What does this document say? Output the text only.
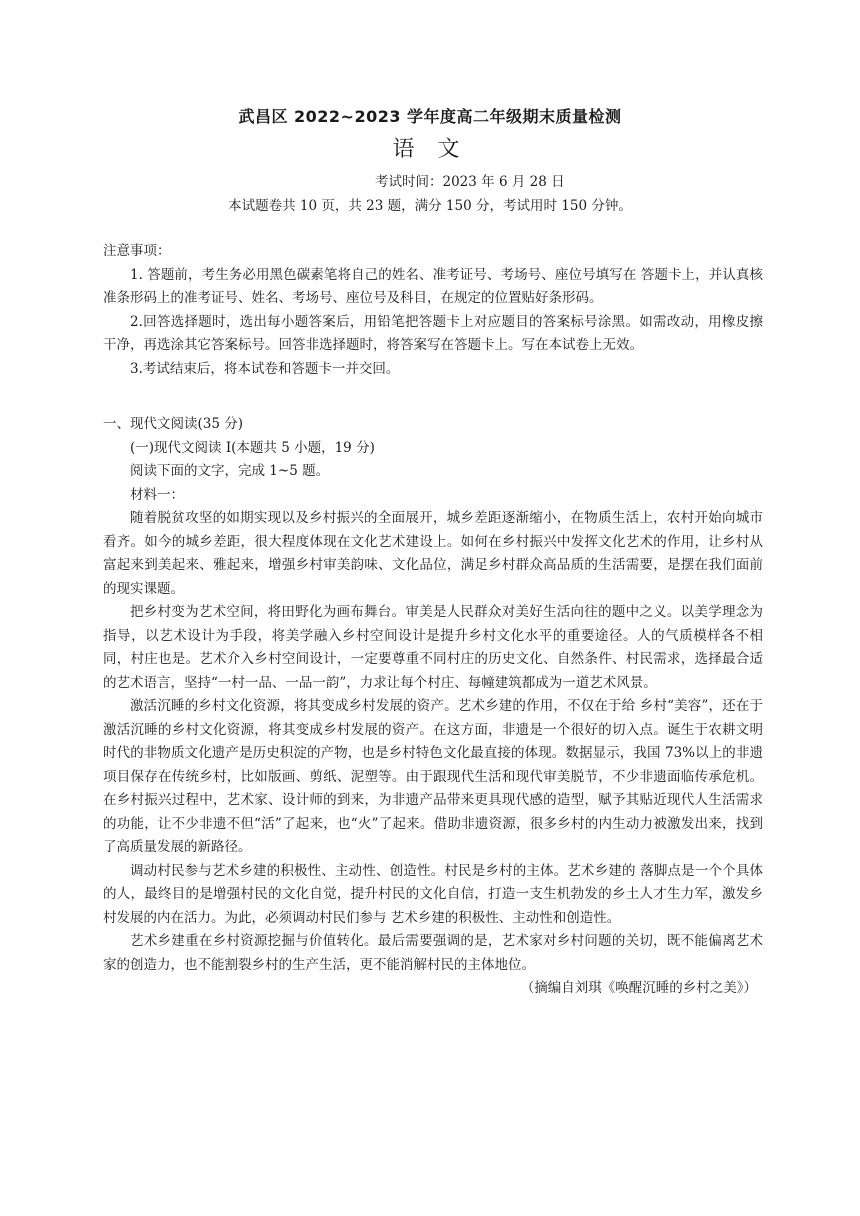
武昌区 2022~2023 学年度高二年级期末质量检测
语 文
考试时间：2023 年 6 月 28 日
本试题卷共 10 页，共 23 题，满分 150 分，考试用时 150 分钟。

注意事项：

1. 答题前，考生务必用黑色碳素笔将自己的姓名、准考证号、考场号、座位号填写在 答题卡上，并认真核准条形码上的准考证号、姓名、考场号、座位号及科目，在规定的位置贴好条形码。

2.回答选择题时，选出每小题答案后，用铅笔把答题卡上对应题目的答案标号涂黑。如需改动，用橡皮擦干净，再选涂其它答案标号。回答非选择题时，将答案写在答题卡上。写在本试卷上无效。

3.考试结束后，将本试卷和答题卡一并交回。

一、现代文阅读(35 分)

(一)现代文阅读 I(本题共 5 小题，19 分)

阅读下面的文字，完成 1~5 题。

材料一：

随着脱贫攻坚的如期实现以及乡村振兴的全面展开，城乡差距逐渐缩小，在物质生活上，农村开始向城市看齐。如今的城乡差距，很大程度体现在文化艺术建设上。如何在乡村振兴中发挥文化艺术的作用，让乡村从富起来到美起来、雅起来，增强乡村审美韵味、文化品位，满足乡村群众高品质的生活需要，是摆在我们面前的现实课题。

把乡村变为艺术空间，将田野化为画布舞台。审美是人民群众对美好生活向往的题中之义。以美学理念为指导，以艺术设计为手段，将美学融入乡村空间设计是提升乡村文化水平的重要途径。人的气质模样各不相同，村庄也是。艺术介入乡村空间设计，一定要尊重不同村庄的历史文化、自然条件、村民需求，选择最合适的艺术语言，坚持“一村一品、一品一韵”，力求让每个村庄、每幢建筑都成为一道艺术风景。

激活沉睡的乡村文化资源，将其变成乡村发展的资产。艺术乡建的作用，不仅在于给 乡村“美容”，还在于激活沉睡的乡村文化资源，将其变成乡村发展的资产。在这方面，非遗是一个很好的切入点。诞生于农耕文明时代的非物质文化遗产是历史积淀的产物，也是乡村特色文化最直接的体现。数据显示，我国 73%以上的非遗项目保存在传统乡村，比如版画、剪纸、泥塑等。由于跟现代生活和现代审美脱节，不少非遗面临传承危机。在乡村振兴过程中，艺术家、设计师的到来，为非遗产品带来更具现代感的造型，赋予其贴近现代人生活需求的功能，让不少非遗不但“活”了起来，也“火”了起来。借助非遗资源，很多乡村的内生动力被激发出来，找到了高质量发展的新路径。

调动村民参与艺术乡建的积极性、主动性、创造性。村民是乡村的主体。艺术乡建的 落脚点是一个个具体的人，最终目的是增强村民的文化自觉，提升村民的文化自信，打造一支生机勃发的乡土人才生力军，激发乡村发展的内在活力。为此，必须调动村民们参与 艺术乡建的积极性、主动性和创造性。

艺术乡建重在乡村资源挖掘与价值转化。最后需要强调的是，艺术家对乡村问题的关切，既不能偏离艺术家的创造力，也不能割裂乡村的生产生活，更不能消解村民的主体地位。

（摘编自刘琪《唤醒沉睡的乡村之美》）
